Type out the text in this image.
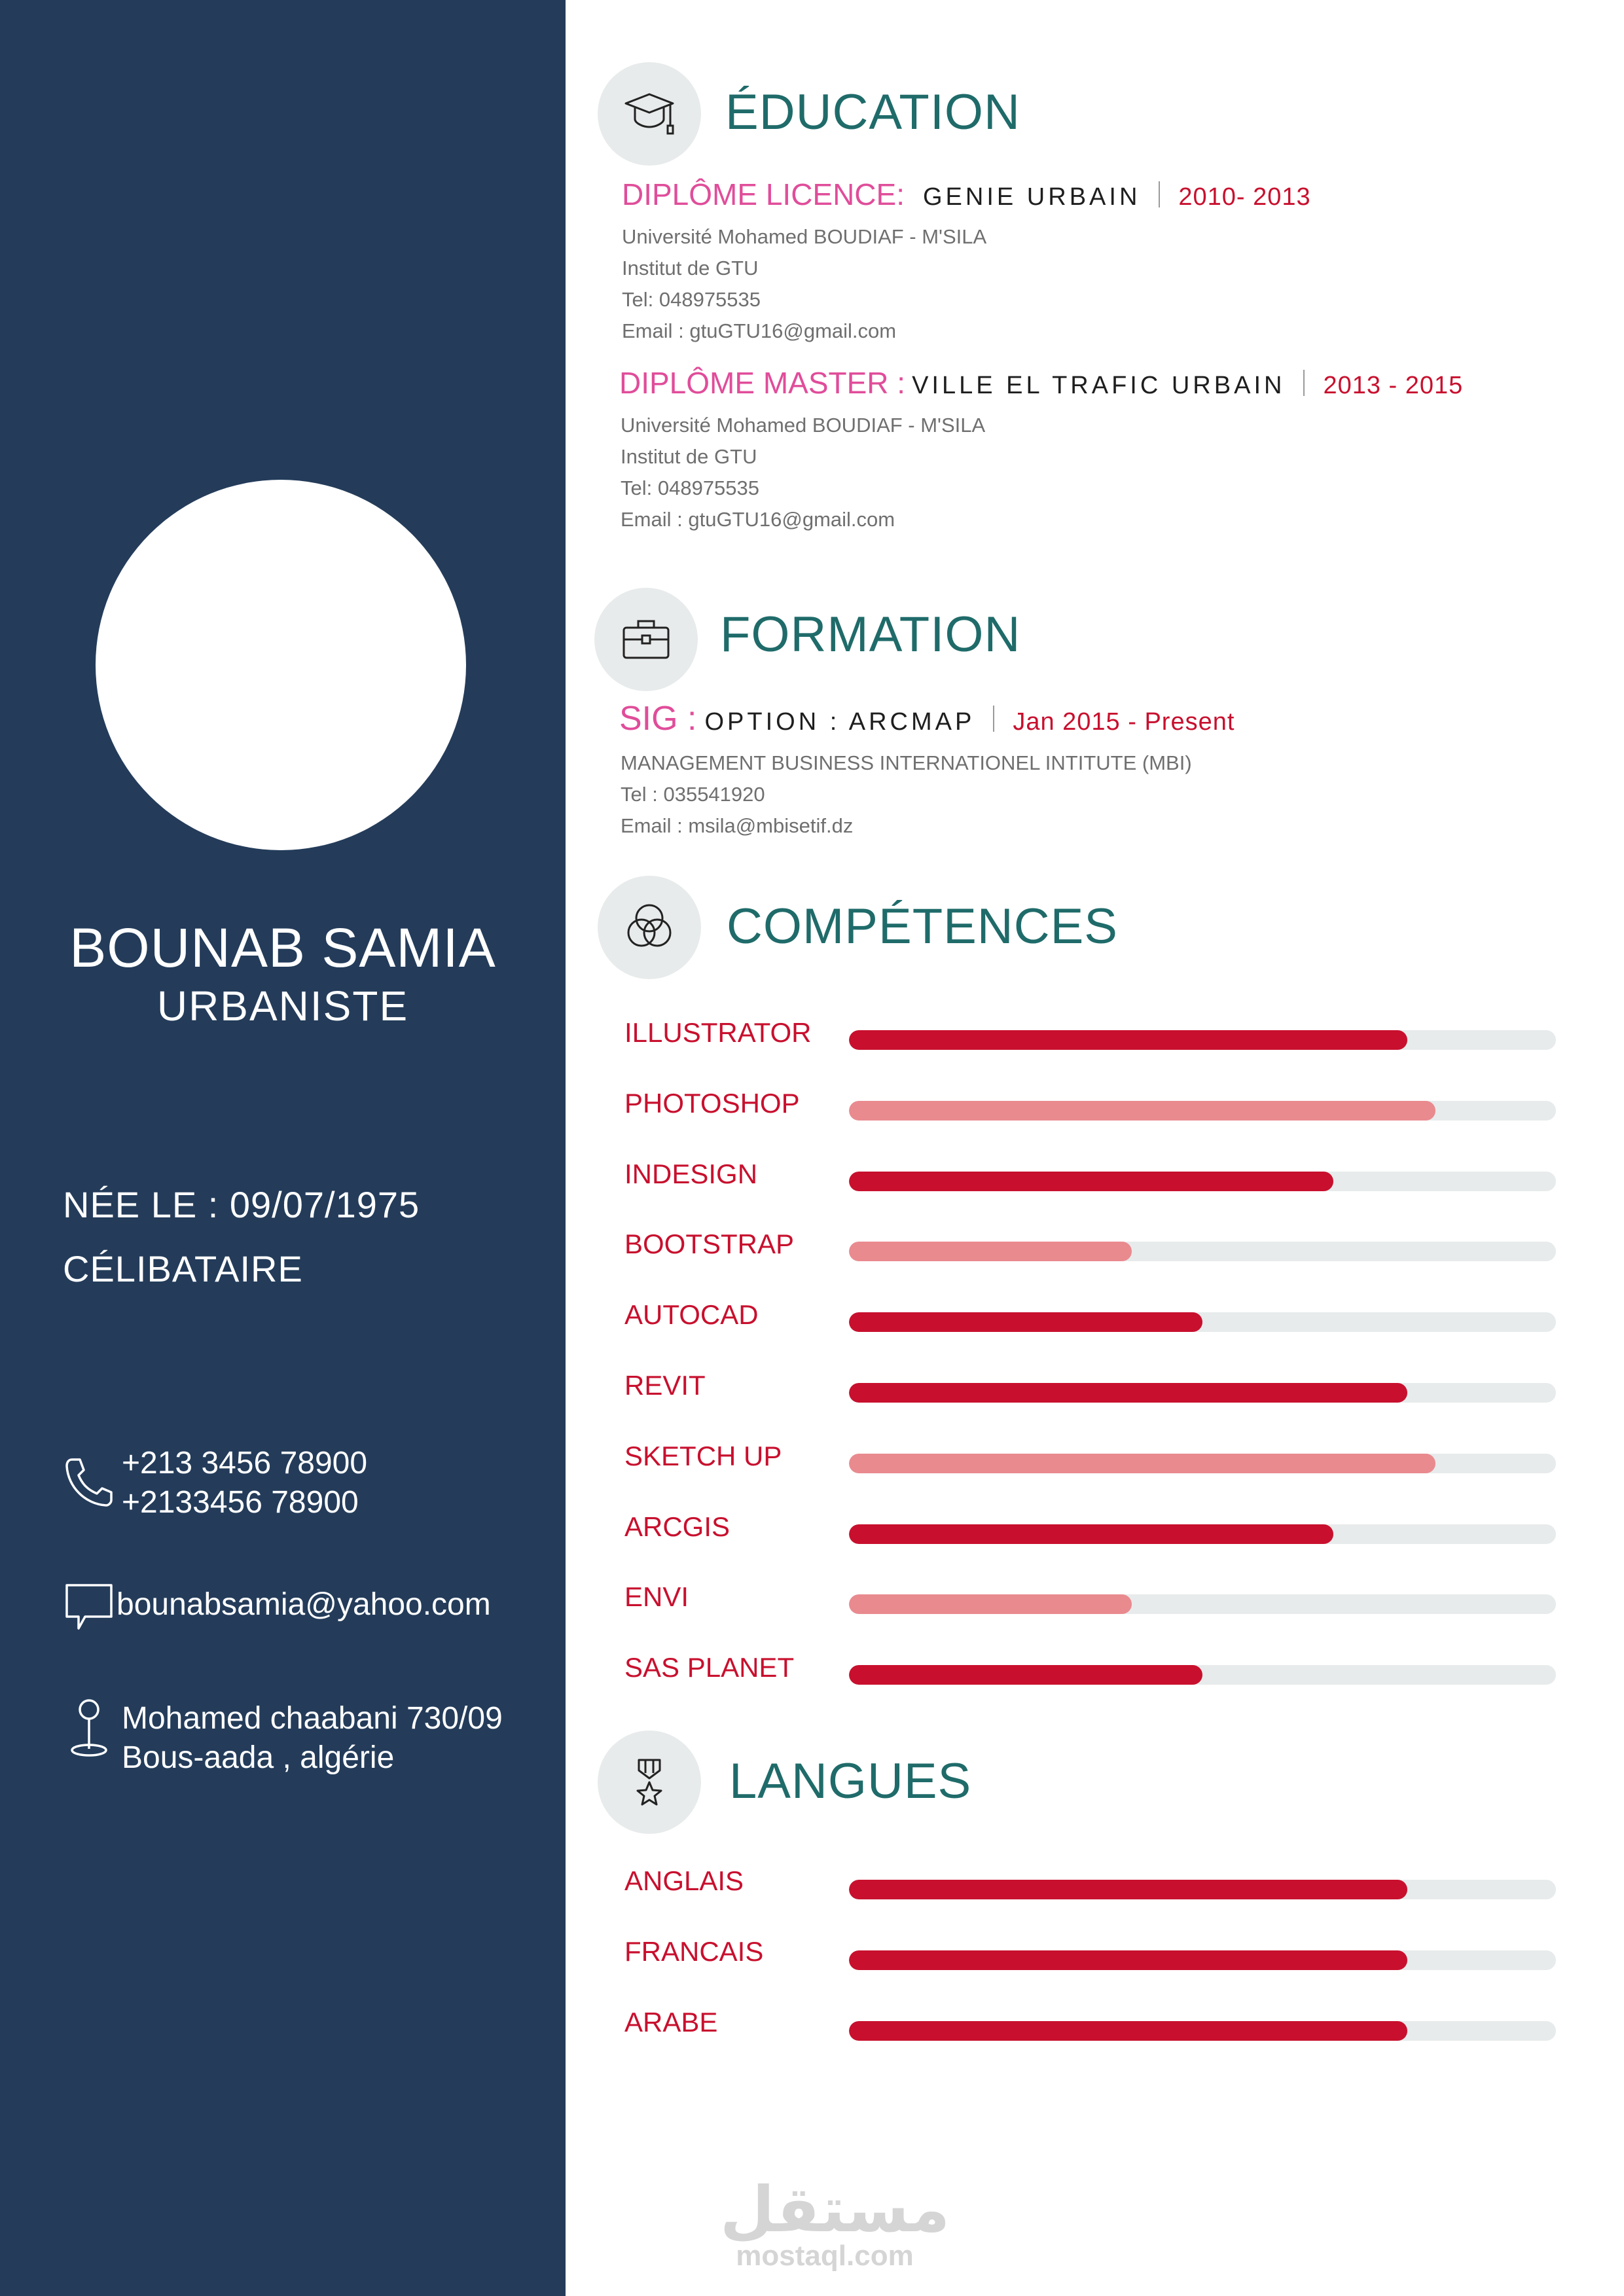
BOUNAB SAMIA
URBANISTE
NÉE LE : 09/07/1975
CÉLIBATAIRE
+213 3456 78900
+2133456 78900
bounabsamia@yahoo.com
Mohamed chaabani 730/09
Bous-aada , algérie
ÉDUCATION
DIPLÔME LICENCE: GENIE URBAIN 2010- 2013
Université Mohamed BOUDIAF - M'SILA
Institut de GTU
Tel: 048975535
Email : gtuGTU16@gmail.com
DIPLÔME MASTER : VILLE EL TRAFIC URBAIN 2013 - 2015
Université Mohamed BOUDIAF - M'SILA
Institut de GTU
Tel: 048975535
Email : gtuGTU16@gmail.com
FORMATION
SIG : OPTION : ARCMAP Jan 2015 - Present
MANAGEMENT BUSINESS INTERNATIONEL INTITUTE (MBI)
Tel : 035541920
Email : msila@mbisetif.dz
COMPÉTENCES
ILLUSTRATOR
PHOTOSHOP
INDESIGN
BOOTSTRAP
AUTOCAD
REVIT
SKETCH UP
ARCGIS
ENVI
SAS PLANET
LANGUES
ANGLAIS
FRANCAIS
ARABE
مستقل
mostaql.com
